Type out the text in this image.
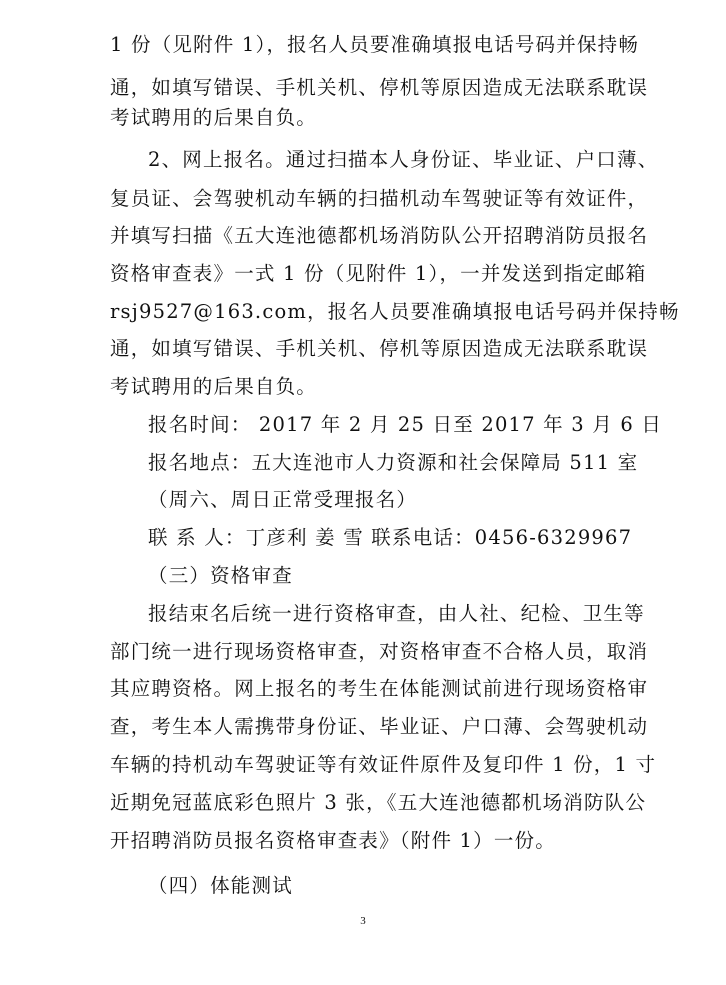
1 份（见附件 1），报名人员要准确填报电话号码并保持畅
通，如填写错误、手机关机、停机等原因造成无法联系耽误
考试聘用的后果自负。
2、网上报名。通过扫描本人身份证、毕业证、户口薄、
复员证、会驾驶机动车辆的扫描机动车驾驶证等有效证件，
并填写扫描《五大连池德都机场消防队公开招聘消防员报名
资格审查表》一式 1 份（见附件 1），一并发送到指定邮箱
rsj9527@163.com，报名人员要准确填报电话号码并保持畅
通，如填写错误、手机关机、停机等原因造成无法联系耽误
考试聘用的后果自负。
报名时间： 2017 年 2 月 25 日至 2017 年 3 月 6 日
报名地点：五大连池市人力资源和社会保障局 511 室
（周六、周日正常受理报名）
联 系 人：丁彦利 姜 雪 联系电话：0456-6329967
（三）资格审查
报结束名后统一进行资格审查，由人社、纪检、卫生等
部门统一进行现场资格审查，对资格审查不合格人员，取消
其应聘资格。网上报名的考生在体能测试前进行现场资格审
查，考生本人需携带身份证、毕业证、户口薄、会驾驶机动
车辆的持机动车驾驶证等有效证件原件及复印件 1 份，1 寸
近期免冠蓝底彩色照片 3 张，《五大连池德都机场消防队公
开招聘消防员报名资格审查表》（附件 1）一份。
（四）体能测试
3
